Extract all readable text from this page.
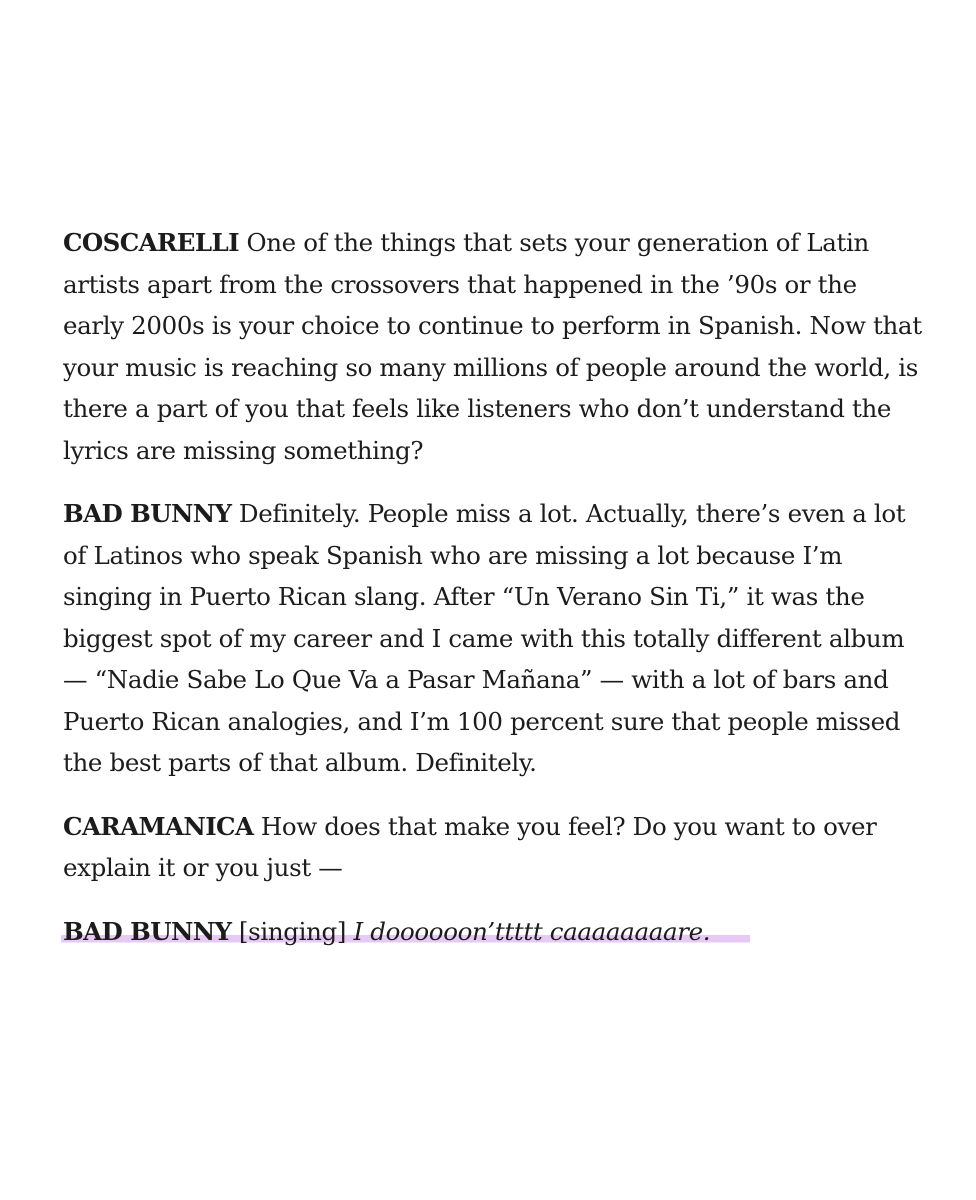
COSCARELLI One of the things that sets your generation of Latin artists apart from the crossovers that happened in the ’90s or the early 2000s is your choice to continue to perform in Spanish. Now that your music is reaching so many millions of people around the world, is there a part of you that feels like listeners who don’t understand the lyrics are missing something?

BAD BUNNY Definitely. People miss a lot. Actually, there’s even a lot of Latinos who speak Spanish who are missing a lot because I’m singing in Puerto Rican slang. After “Un Verano Sin Ti,” it was the biggest spot of my career and I came with this totally different album — “Nadie Sabe Lo Que Va a Pasar Mañana” — with a lot of bars and Puerto Rican analogies, and I’m 100 percent sure that people missed the best parts of that album. Definitely.

CARAMANICA How does that make you feel? Do you want to over explain it or you just —

BAD BUNNY [singing] I doooooon’ttttt caaaaaaaare.
